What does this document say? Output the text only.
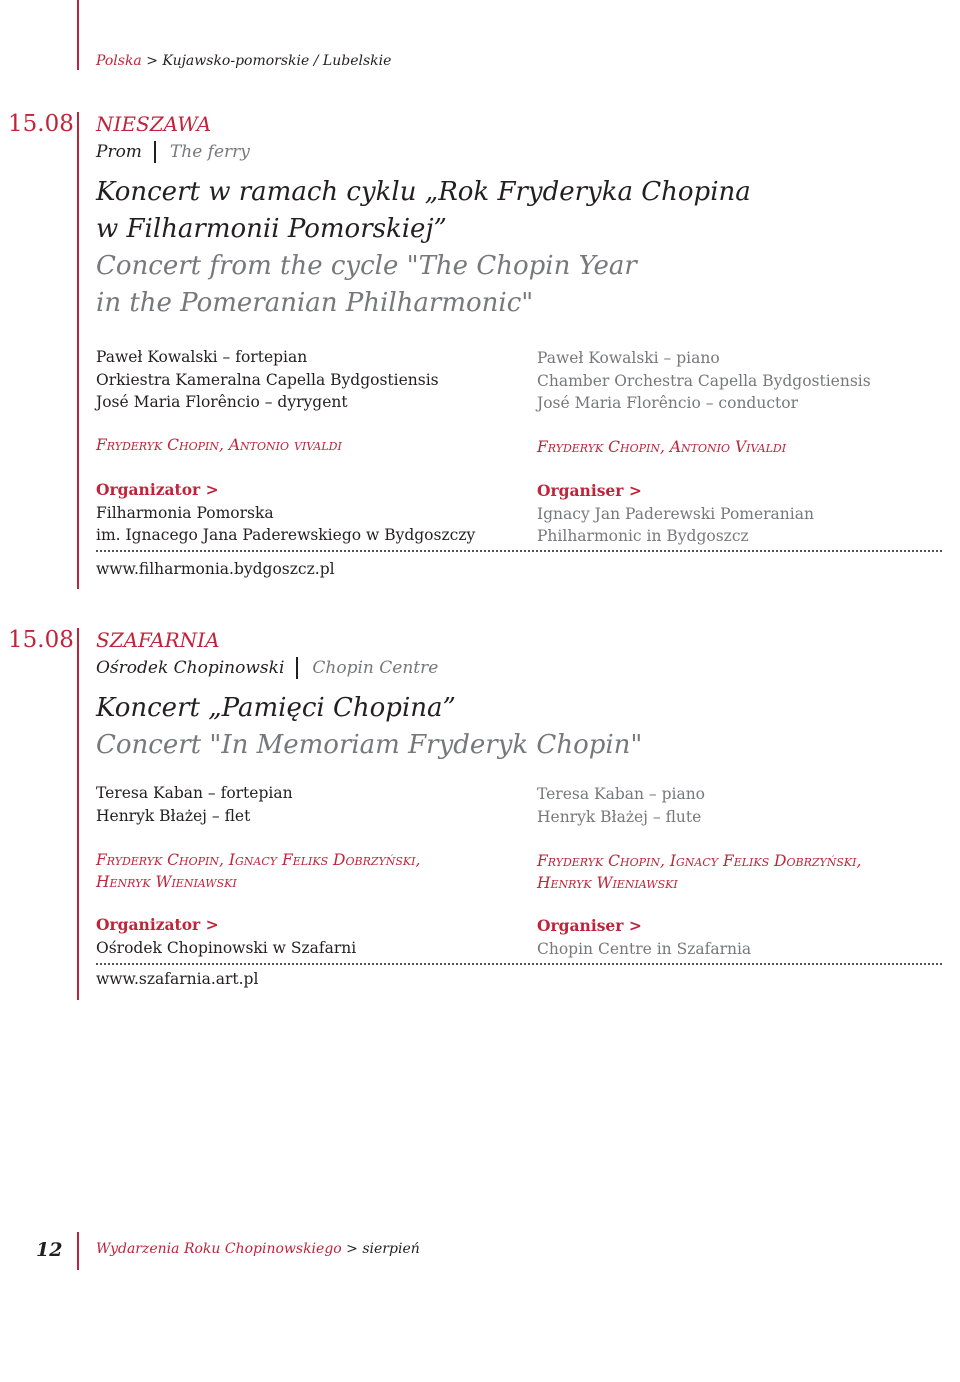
Polska > Kujawsko-pomorskie / Lubelskie
15.08 NIESZAWA
Prom The ferry
Koncert w ramach cyklu „Rok Fryderyka Chopina
w Filharmonii Pomorskiej”
Concert from the cycle "The Chopin Year
in the Pomeranian Philharmonic"
Paweł Kowalski – fortepian
Orkiestra Kameralna Capella Bydgostiensis
José Maria Florêncio – dyrygent
Paweł Kowalski – piano
Chamber Orchestra Capella Bydgostiensis
José Maria Florêncio – conductor
Fryderyk Chopin, Antonio vivaldi	Fryderyk Chopin, Antonio Vivaldi
Organizator >
Filharmonia Pomorska
im. Ignacego Jana Paderewskiego w Bydgoszczy
Organiser >
Ignacy Jan Paderewski Pomeranian
Philharmonic in Bydgoszcz
www.filharmonia.bydgoszcz.pl
15.08 SZAFARNIA
Ośrodek Chopinowski Chopin Centre
Koncert „Pamięci Chopina”
Concert "In Memoriam Fryderyk Chopin"
Teresa Kaban – fortepian
Henryk Błażej – flet
Teresa Kaban – piano
Henryk Błażej – flute
Fryderyk Chopin, Ignacy Feliks Dobrzyński,
Henryk Wieniawski
Fryderyk Chopin, Ignacy Feliks Dobrzyński,
Henryk Wieniawski
Organizator >
Ośrodek Chopinowski w Szafarni
Organiser >
Chopin Centre in Szafarnia
www.szafarnia.art.pl
12 Wydarzenia Roku Chopinowskiego > sierpień
